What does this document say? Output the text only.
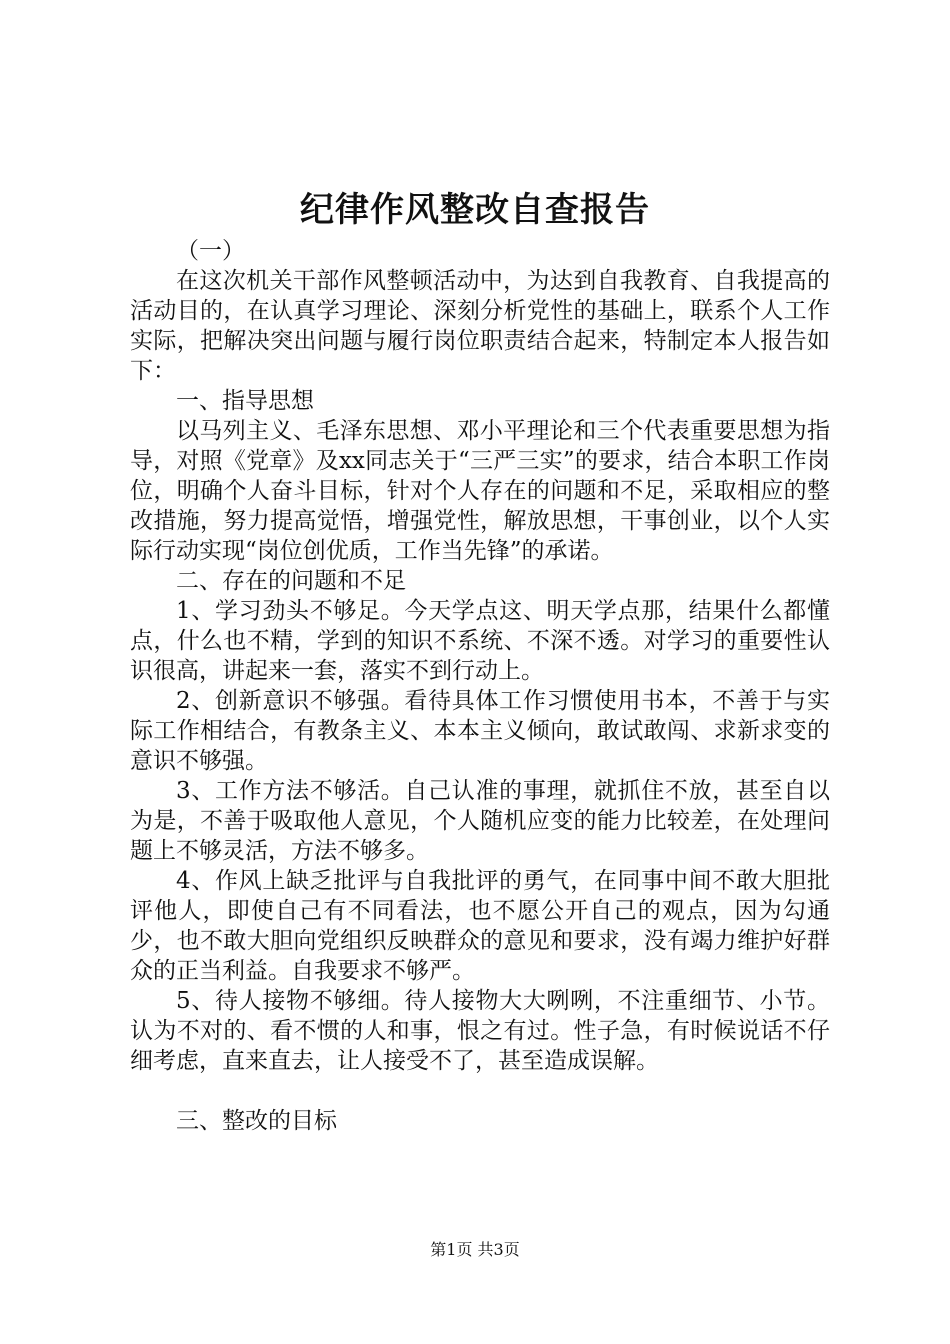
纪律作风整改自查报告

（一）

在这次机关干部作风整顿活动中，为达到自我教育、自我提高的活动目的，在认真学习理论、深刻分析党性的基础上，联系个人工作实际，把解决突出问题与履行岗位职责结合起来，特制定本人报告如下：

一、指导思想

以马列主义、毛泽东思想、邓小平理论和三个代表重要思想为指导，对照《党章》及xx同志关于“三严三实”的要求，结合本职工作岗位，明确个人奋斗目标，针对个人存在的问题和不足，采取相应的整改措施，努力提高觉悟，增强党性，解放思想，干事创业，以个人实际行动实现“岗位创优质，工作当先锋”的承诺。

二、存在的问题和不足

1、学习劲头不够足。今天学点这、明天学点那，结果什么都懂点，什么也不精，学到的知识不系统、不深不透。对学习的重要性认识很高，讲起来一套，落实不到行动上。

2、创新意识不够强。看待具体工作习惯使用书本，不善于与实际工作相结合，有教条主义、本本主义倾向，敢试敢闯、求新求变的意识不够强。

3、工作方法不够活。自己认准的事理，就抓住不放，甚至自以为是，不善于吸取他人意见，个人随机应变的能力比较差，在处理问题上不够灵活，方法不够多。

4、作风上缺乏批评与自我批评的勇气，在同事中间不敢大胆批评他人，即使自己有不同看法，也不愿公开自己的观点，因为勾通少，也不敢大胆向党组织反映群众的意见和要求，没有竭力维护好群众的正当利益。自我要求不够严。

5、待人接物不够细。待人接物大大咧咧，不注重细节、小节。认为不对的、看不惯的人和事，恨之有过。性子急，有时候说话不仔细考虑，直来直去，让人接受不了，甚至造成误解。

三、整改的目标

第1页 共3页
